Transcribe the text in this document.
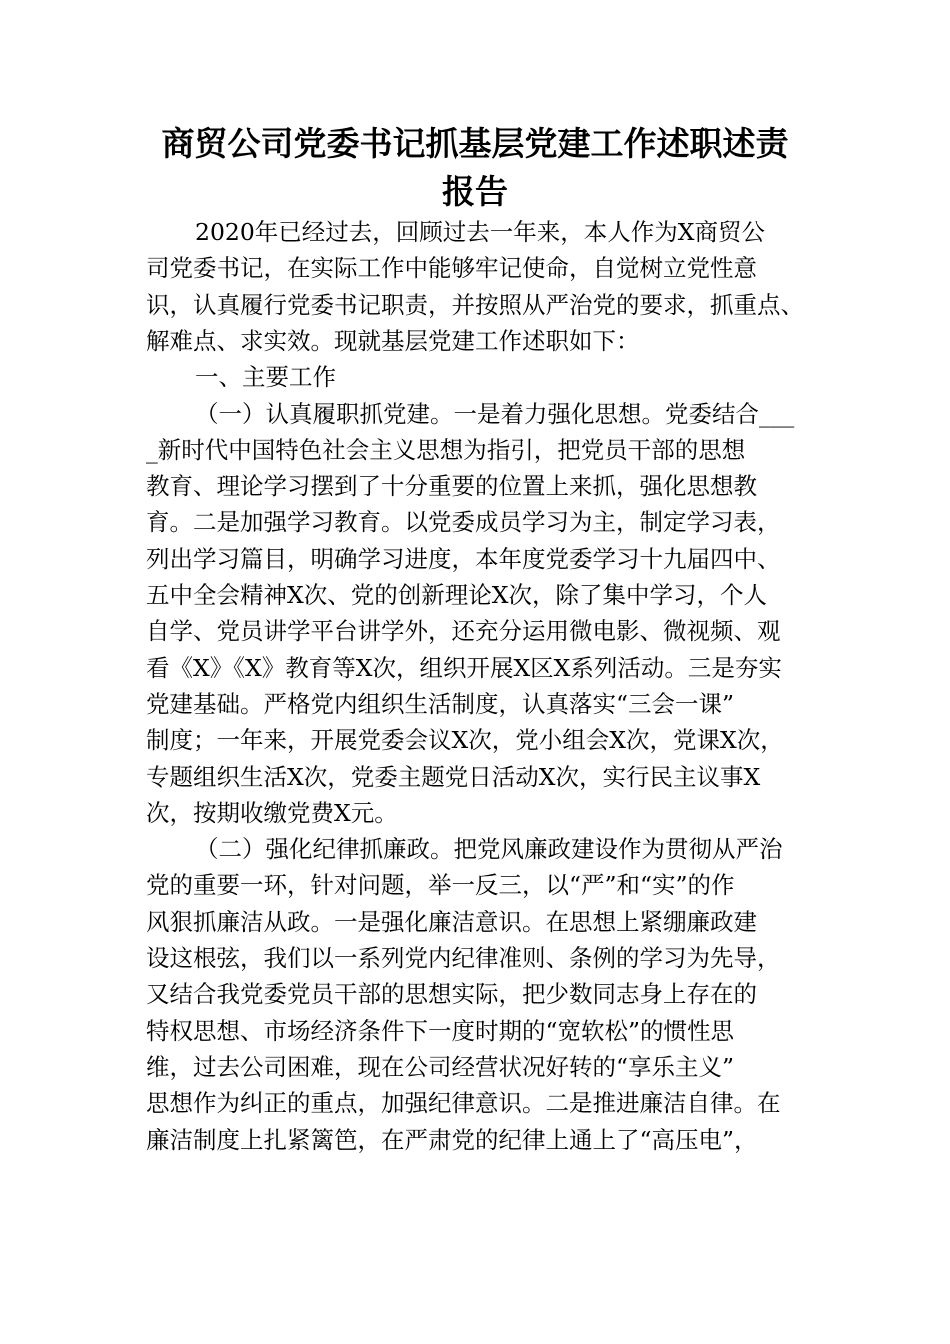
商贸公司党委书记抓基层党建工作述职述责
报告
2020年已经过去，回顾过去一年来，本人作为X商贸公
司党委书记，在实际工作中能够牢记使命，自觉树立党性意
识，认真履行党委书记职责，并按照从严治党的要求，抓重点、
解难点、求实效。现就基层党建工作述职如下：
一、主要工作
（一）认真履职抓党建。一是着力强化思想。党委结合___
_新时代中国特色社会主义思想为指引，把党员干部的思想
教育、理论学习摆到了十分重要的位置上来抓，强化思想教
育。二是加强学习教育。以党委成员学习为主，制定学习表，
列出学习篇目，明确学习进度，本年度党委学习十九届四中、
五中全会精神X次、党的创新理论X次，除了集中学习，个人
自学、党员讲学平台讲学外，还充分运用微电影、微视频、观
看《X》《X》教育等X次，组织开展X区X系列活动。三是夯实
党建基础。严格党内组织生活制度，认真落实“三会一课”
制度；一年来，开展党委会议X次，党小组会X次，党课X次，
专题组织生活X次，党委主题党日活动X次，实行民主议事X
次，按期收缴党费X元。
（二）强化纪律抓廉政。把党风廉政建设作为贯彻从严治
党的重要一环，针对问题，举一反三，以“严”和“实”的作
风狠抓廉洁从政。一是强化廉洁意识。在思想上紧绷廉政建
设这根弦，我们以一系列党内纪律准则、条例的学习为先导，
又结合我党委党员干部的思想实际，把少数同志身上存在的
特权思想、市场经济条件下一度时期的“宽软松”的惯性思
维，过去公司困难，现在公司经营状况好转的“享乐主义”
思想作为纠正的重点，加强纪律意识。二是推进廉洁自律。在
廉洁制度上扎紧篱笆，在严肃党的纪律上通上了“高压电”，
